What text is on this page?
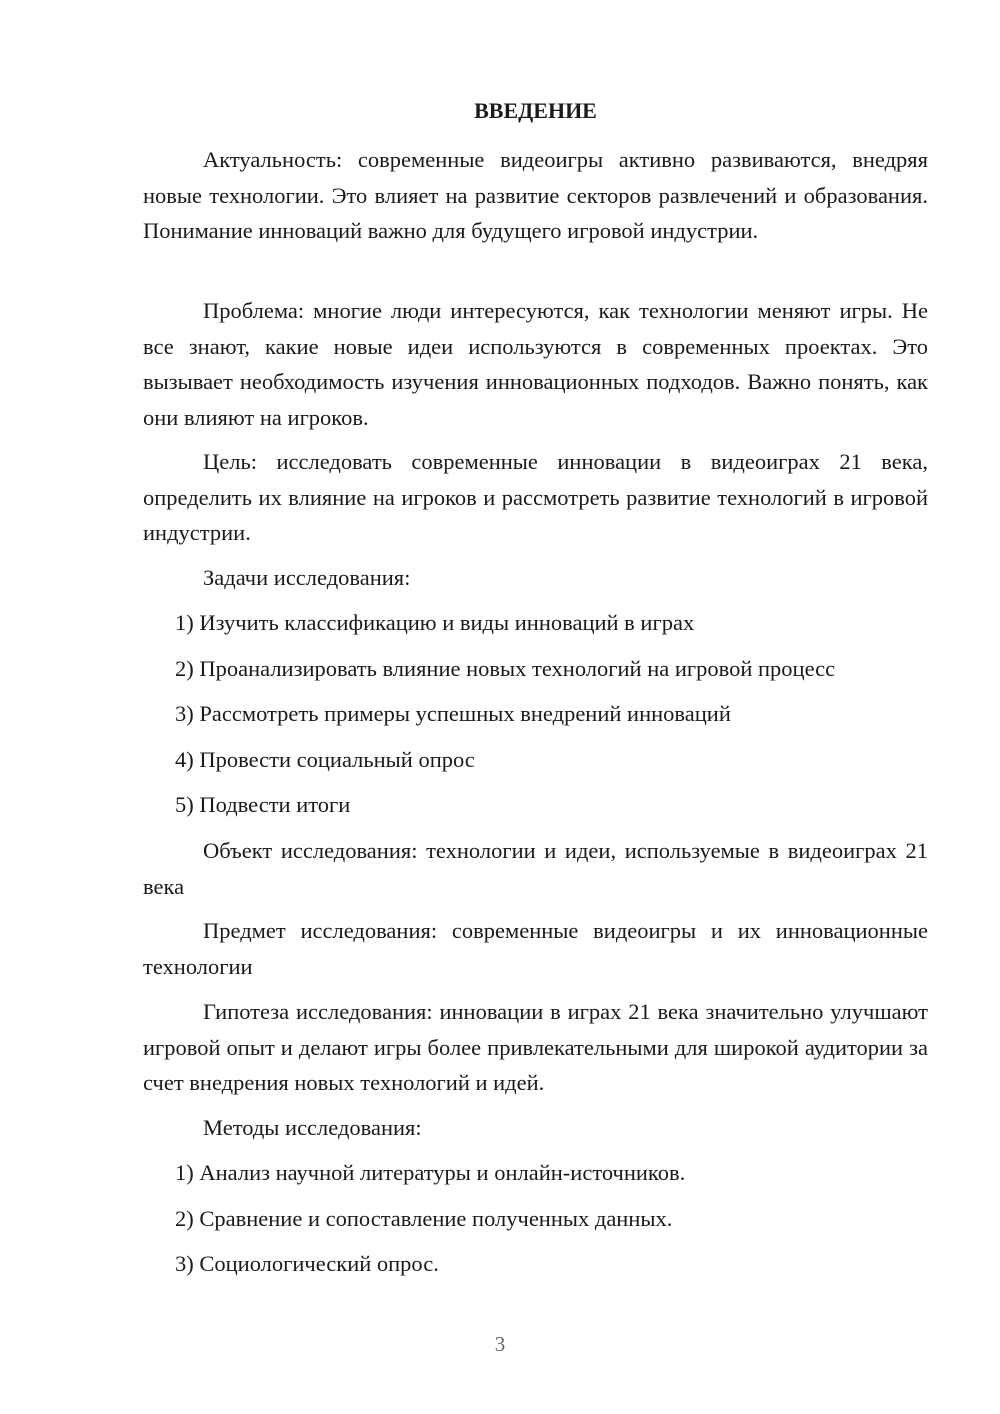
ВВЕДЕНИЕ

Актуальность: современные видеоигры активно развиваются, внедряя новые технологии. Это влияет на развитие секторов развлечений и образования. Понимание инноваций важно для будущего игровой индустрии.

Проблема: многие люди интересуются, как технологии меняют игры. Не все знают, какие новые идеи используются в современных проектах. Это вызывает необходимость изучения инновационных подходов. Важно понять, как они влияют на игроков.

Цель: исследовать современные инновации в видеоиграх 21 века, определить их влияние на игроков и рассмотреть развитие технологий в игровой индустрии.

Задачи исследования:

1) Изучить классификацию и виды инноваций в играх

2) Проанализировать влияние новых технологий на игровой процесс

3) Рассмотреть примеры успешных внедрений инноваций

4) Провести социальный опрос

5) Подвести итоги

Объект исследования: технологии и идеи, используемые в видеоиграх 21 века

Предмет исследования: современные видеоигры и их инновационные технологии

Гипотеза исследования: инновации в играх 21 века значительно улучшают игровой опыт и делают игры более привлекательными для широкой аудитории за счет внедрения новых технологий и идей.

Методы исследования:

1) Анализ научной литературы и онлайн-источников.

2) Сравнение и сопоставление полученных данных.

3) Социологический опрос.

3
